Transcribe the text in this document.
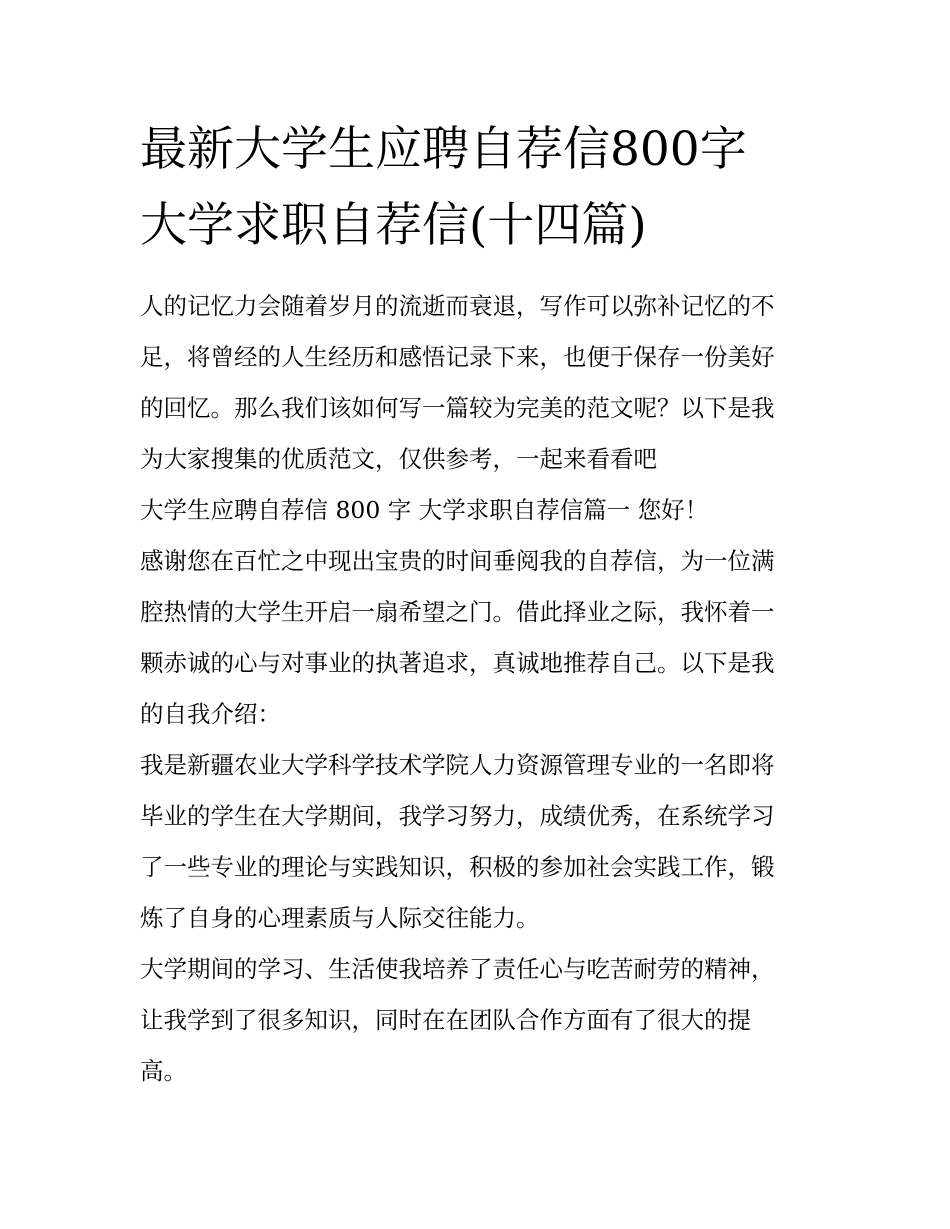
最新大学生应聘自荐信800字
大学求职自荐信(十四篇)

人的记忆力会随着岁月的流逝而衰退，写作可以弥补记忆的不
足，将曾经的人生经历和感悟记录下来，也便于保存一份美好
的回忆。那么我们该如何写一篇较为完美的范文呢？以下是我
为大家搜集的优质范文，仅供参考，一起来看看吧

大学生应聘自荐信 800 字 大学求职自荐信篇一 您好！

感谢您在百忙之中现出宝贵的时间垂阅我的自荐信，为一位满
腔热情的大学生开启一扇希望之门。借此择业之际，我怀着一
颗赤诚的心与对事业的执著追求，真诚地推荐自己。以下是我
的自我介绍：

我是新疆农业大学科学技术学院人力资源管理专业的一名即将
毕业的学生在大学期间，我学习努力，成绩优秀，在系统学习
了一些专业的理论与实践知识，积极的参加社会实践工作，锻
炼了自身的心理素质与人际交往能力。

大学期间的学习、生活使我培养了责任心与吃苦耐劳的精神，
让我学到了很多知识，同时在在团队合作方面有了很大的提
高。
